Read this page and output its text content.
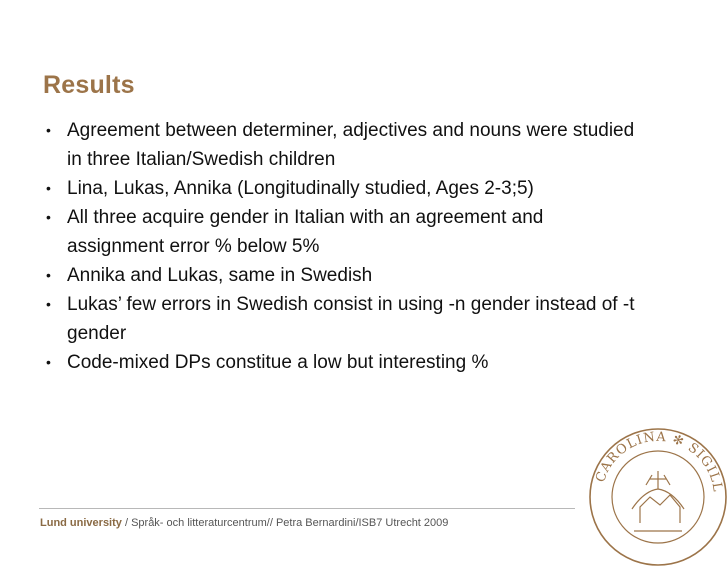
Results
• Agreement between determiner, adjectives and nouns were studied in three Italian/Swedish children
• Lina, Lukas, Annika (Longitudinally studied, Ages 2-3;5)
• All three acquire gender in Italian with an agreement and assignment error % below 5%
• Annika and Lukas, same in Swedish
• Lukas’ few errors in Swedish consist in using -n gender instead of -t gender
• Code-mixed DPs constitue a low but interesting %
Lund university / Språk- och litteraturcentrum// Petra Bernardini/ISB7 Utrecht 2009
CAROLINA ✻ SIGILL
